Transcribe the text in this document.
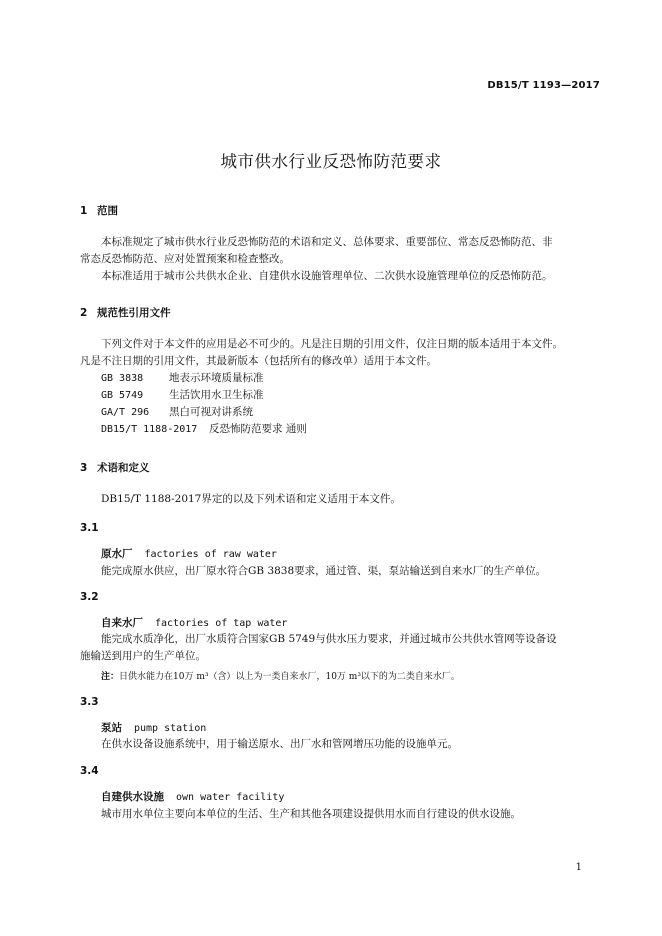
DB15/T 1193—2017
城市供水行业反恐怖防范要求
1 范围
本标准规定了城市供水行业反恐怖防范的术语和定义、总体要求、重要部位、常态反恐怖防范、非
常态反恐怖防范、应对处置预案和检查整改。
本标准适用于城市公共供水企业、自建供水设施管理单位、二次供水设施管理单位的反恐怖防范。
2 规范性引用文件
下列文件对于本文件的应用是必不可少的。凡是注日期的引用文件，仅注日期的版本适用于本文件。
凡是不注日期的引用文件，其最新版本（包括所有的修改单）适用于本文件。
GB 3838 地表示环境质量标准
GB 5749 生活饮用水卫生标准
GA/T 296 黑白可视对讲系统
DB15/T 1188-2017 反恐怖防范要求 通则
3 术语和定义
DB15/T 1188-2017界定的以及下列术语和定义适用于本文件。
3.1
原水厂 factories of raw water
能完成原水供应，出厂原水符合GB 3838要求，通过管、渠，泵站输送到自来水厂的生产单位。
3.2
自来水厂 factories of tap water
能完成水质净化，出厂水质符合国家GB 5749与供水压力要求，并通过城市公共供水管网等设备设
施输送到用户的生产单位。
注：日供水能力在10万 m³（含）以上为一类自来水厂，10万 m³以下的为二类自来水厂。
3.3
泵站 pump station
在供水设备设施系统中，用于输送原水、出厂水和管网增压功能的设施单元。
3.4
自建供水设施 own water facility
城市用水单位主要向本单位的生活、生产和其他各项建设提供用水而自行建设的供水设施。
1
